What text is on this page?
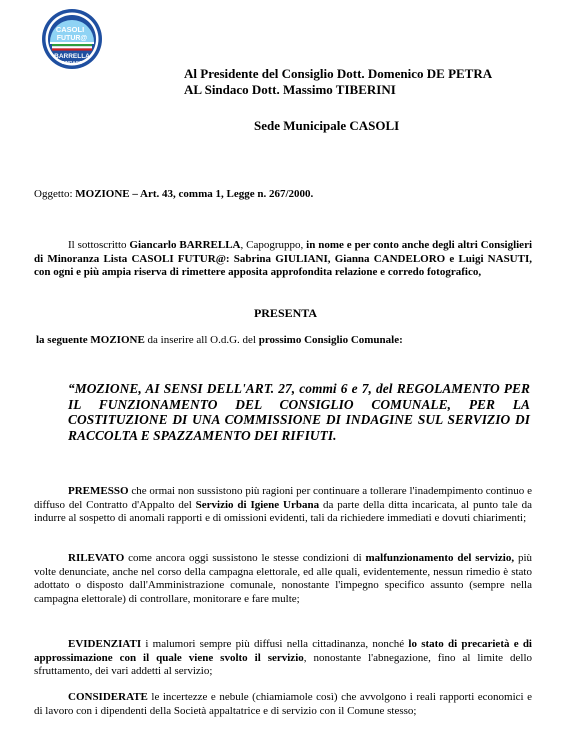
CASOLI
FUTUR@
BARRELLA
SINDACO
Al Presidente del Consiglio Dott. Domenico DE PETRA
AL Sindaco Dott. Massimo TIBERINI
Sede Municipale CASOLI
Oggetto: MOZIONE – Art. 43, comma 1, Legge n. 267/2000.
Il sottoscritto Giancarlo BARRELLA, Capogruppo, in nome e per conto anche degli altri Consiglieri di Minoranza Lista CASOLI FUTUR@: Sabrina GIULIANI, Gianna CANDELORO e Luigi NASUTI, con ogni e più ampia riserva di rimettere apposita approfondita relazione e corredo fotografico,
PRESENTA
la seguente MOZIONE da inserire all O.d.G. del prossimo Consiglio Comunale:
“MOZIONE, AI SENSI DELL'ART. 27, commi 6 e 7, del REGOLAMENTO PER IL FUNZIONAMENTO DEL CONSIGLIO COMUNALE, PER LA COSTITUZIONE DI UNA COMMISSIONE DI INDAGINE SUL SERVIZIO DI RACCOLTA E SPAZZAMENTO DEI RIFIUTI.
PREMESSO che ormai non sussistono più ragioni per continuare a tollerare l'inadempimento continuo e diffuso del Contratto d'Appalto del Servizio di Igiene Urbana da parte della ditta incaricata, al punto tale da indurre al sospetto di anomali rapporti e di omissioni evidenti, tali da richiedere immediati e dovuti chiarimenti;
RILEVATO come ancora oggi sussistono le stesse condizioni di malfunzionamento del servizio, più volte denunciate, anche nel corso della campagna elettorale, ed alle quali, evidentemente, nessun rimedio è stato adottato o disposto dall'Amministrazione comunale, nonostante l'impegno specifico assunto (sempre nella campagna elettorale) di controllare, monitorare e fare multe;
EVIDENZIATI i malumori sempre più diffusi nella cittadinanza, nonché lo stato di precarietà e di approssimazione con il quale viene svolto il servizio, nonostante l'abnegazione, fino al limite dello sfruttamento, dei vari addetti al servizio;
CONSIDERATE le incertezze e nebule (chiamiamole così) che avvolgono i reali rapporti economici e di lavoro con i dipendenti della Società appaltatrice e di servizio con il Comune stesso;
